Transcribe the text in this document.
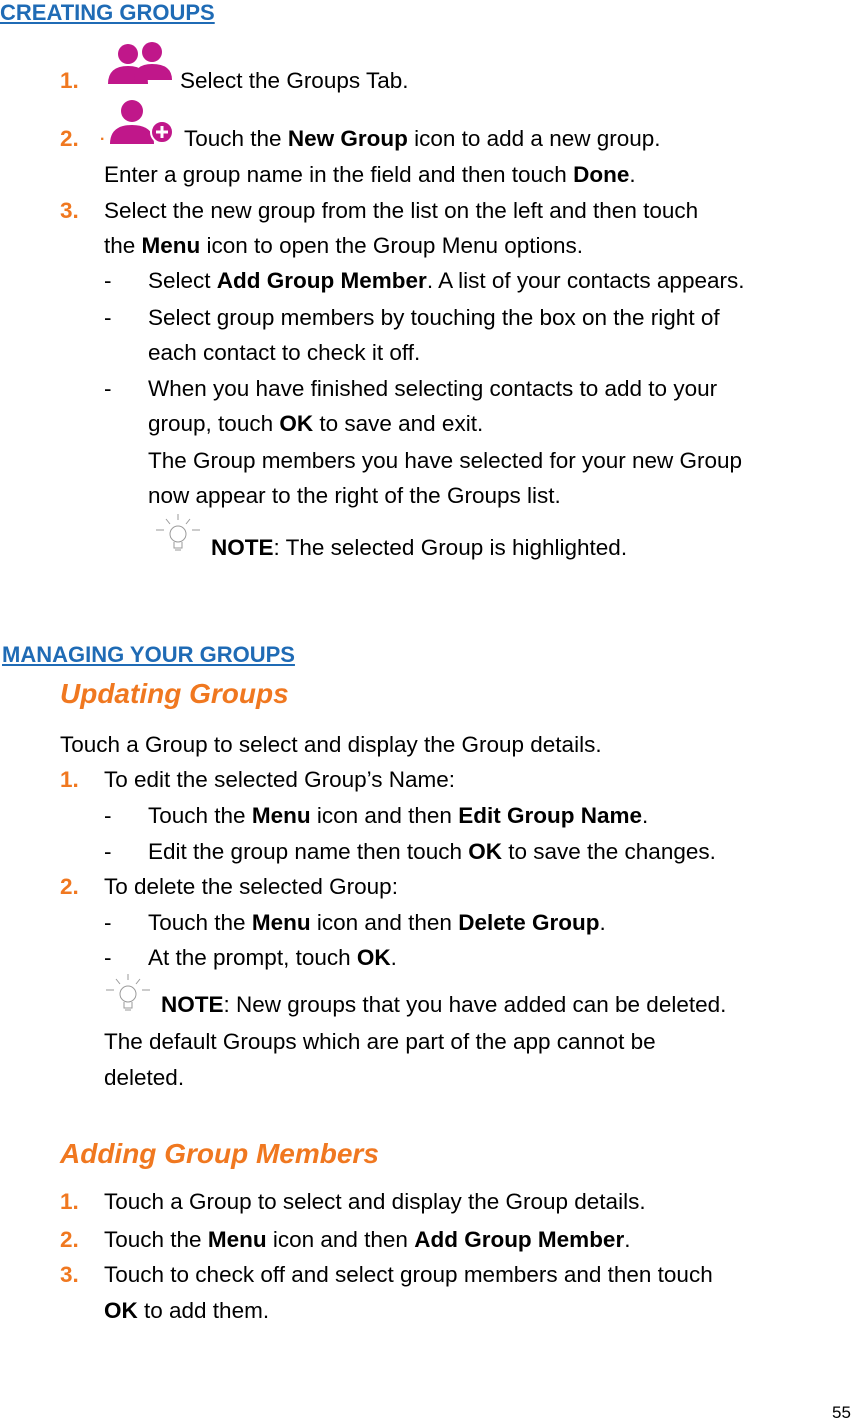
CREATING GROUPS
1.	Select the Groups Tab.
2. .	Touch the New Group icon to add a new group.
Enter a group name in the field and then touch Done.
3. Select the new group from the list on the left and then touch
the Menu icon to open the Group Menu options.
- Select Add Group Member. A list of your contacts appears.
- Select group members by touching the box on the right of
each contact to check it off.
- When you have finished selecting contacts to add to your
group, touch OK to save and exit.
The Group members you have selected for your new Group
now appear to the right of the Groups list.
NOTE: The selected Group is highlighted.
MANAGING YOUR GROUPS
Updating Groups
Touch a Group to select and display the Group details.
1. To edit the selected Group’s Name:
- Touch the Menu icon and then Edit Group Name.
- Edit the group name then touch OK to save the changes.
2. To delete the selected Group:
- Touch the Menu icon and then Delete Group.
- At the prompt, touch OK.
NOTE: New groups that you have added can be deleted.
The default Groups which are part of the app cannot be
deleted.
Adding Group Members
1. Touch a Group to select and display the Group details.
2. Touch the Menu icon and then Add Group Member.
3. Touch to check off and select group members and then touch
OK to add them.
55
